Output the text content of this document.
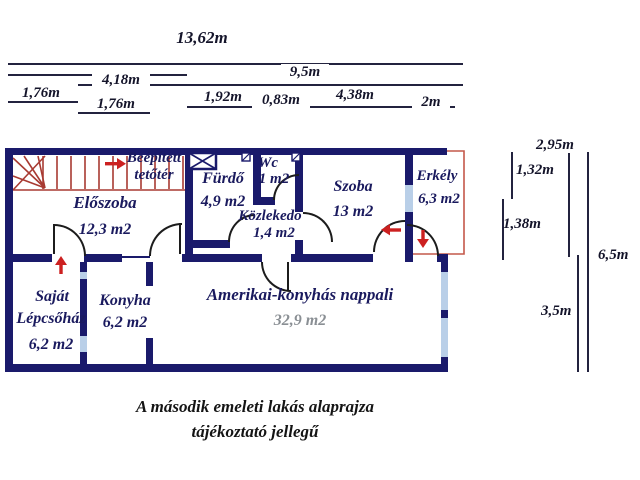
13,62m
9,5m
4,18m
1,76m
1,76m	1,92m	0,83m	4,38m	2m
2,95m
1,32m
1,38m
6,5m
3,5m
Beépített
tetőtér
Előszoba
12,3 m2
Fürdő
4,9 m2
Wc
1 m2
Közlekedő
1,4 m2
Szoba
13 m2
Erkély
6,3 m2
Saját
Lépcsőház
6,2 m2
Konyha
6,2 m2
Amerikai-konyhás nappali
32,9 m2
A második emeleti lakás alaprajza
tájékoztató jellegű
